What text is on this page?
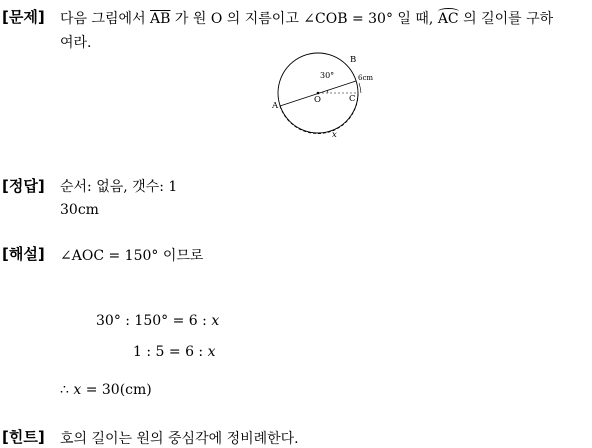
[문제] 다음 그림에서 $\overline{AB}$ 가 원 O 의 지름이고 ∠COB = 30° 일 때, AC 의 길이를 구하
여라.
B
A
O	C
30°	6cm
x
[정답] 순서: 없음, 갯수: 1
30cm
[해설] ∠AOC = 150° 이므로
30° : 150° = 6 : x
1 : 5 = 6 : x
∴ x = 30(cm)
[힌트] 호의 길이는 원의 중심각에 정비례한다.
